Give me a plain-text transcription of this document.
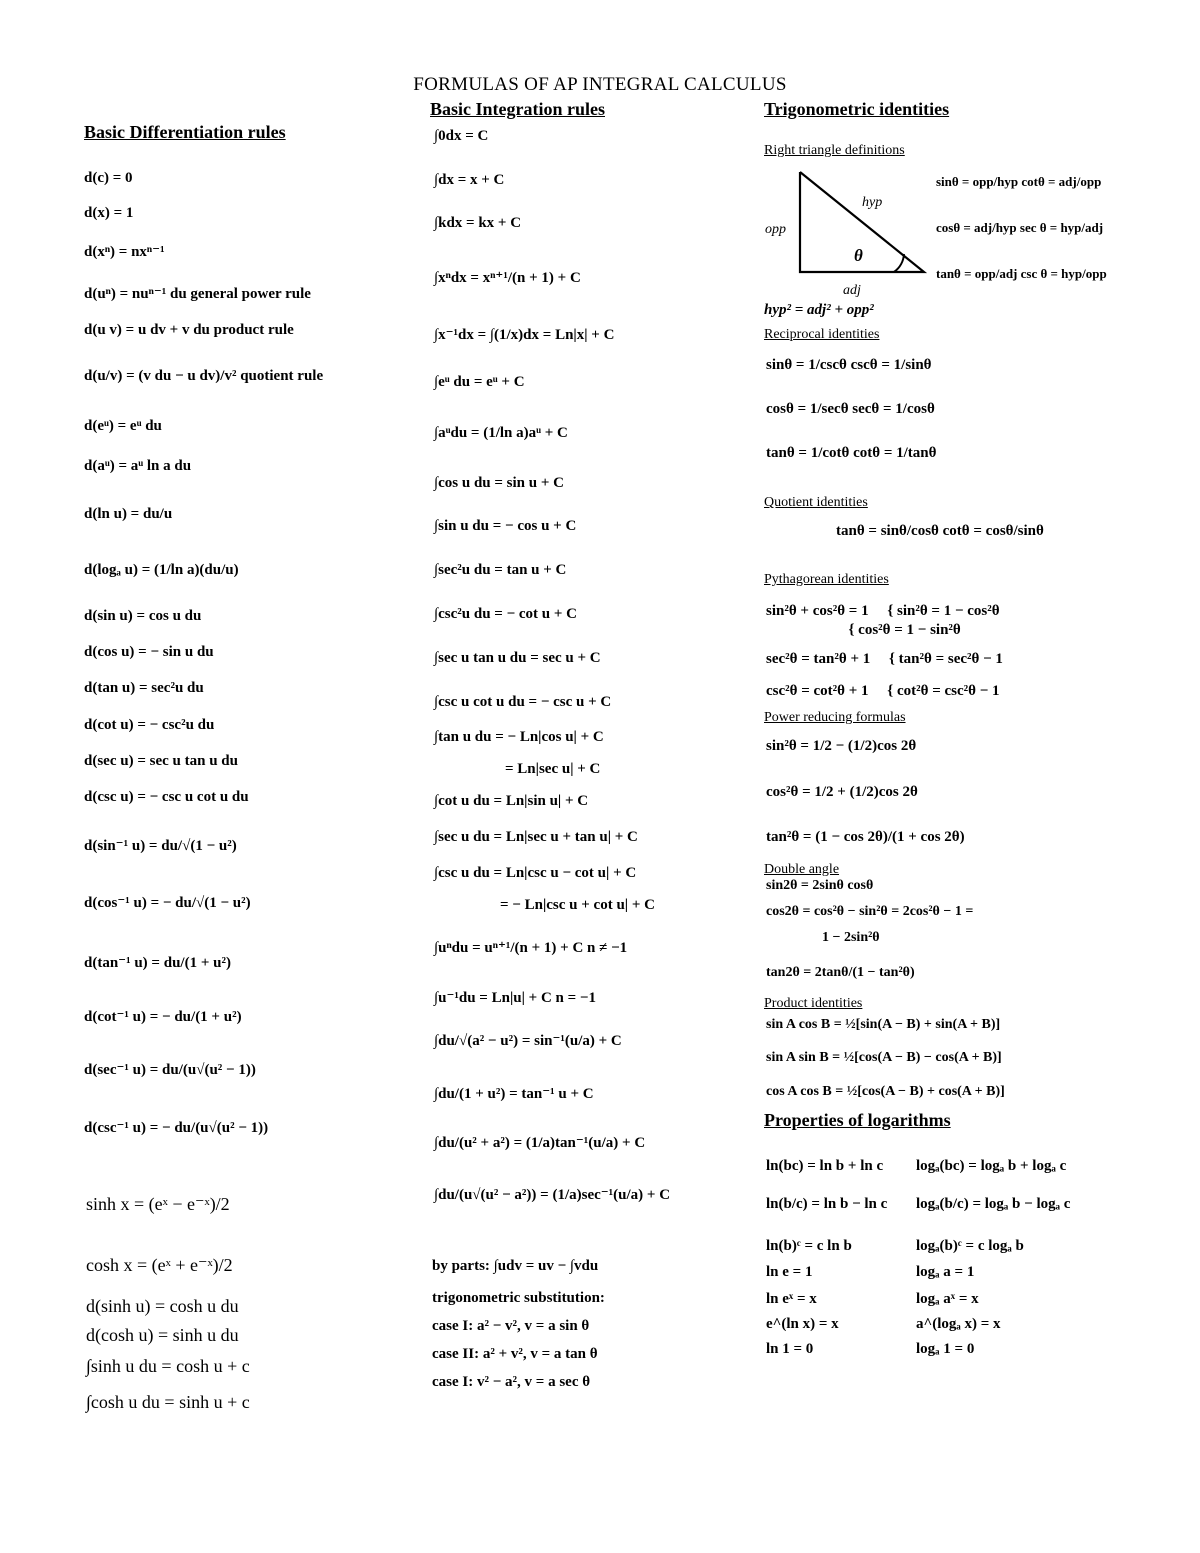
FORMULAS OF AP INTEGRAL CALCULUS
Basic Differentiation rules
d(c) = 0
d(x) = 1
d(xⁿ) = nxⁿ⁻¹
d(uⁿ) = nuⁿ⁻¹ du general power rule
d(u v) = u dv + v du product rule
d(u/v) = (v du − u dv)/v² quotient rule
d(eᵘ) = eᵘ du
d(aᵘ) = aᵘ ln a du
d(ln u) = du/u
d(logₐ u) = (1/ln a)(du/u)
d(sin u) = cos u du
d(cos u) = − sin u du
d(tan u) = sec²u du
d(cot u) = − csc²u du
d(sec u) = sec u tan u du
d(csc u) = − csc u cot u du
d(sin⁻¹ u) = du/√(1 − u²)
d(cos⁻¹ u) = − du/√(1 − u²)
d(tan⁻¹ u) = du/(1 + u²)
d(cot⁻¹ u) = − du/(1 + u²)
d(sec⁻¹ u) = du/(u√(u² − 1))
d(csc⁻¹ u) = − du/(u√(u² − 1))
sinh x = (eˣ − e⁻ˣ)/2
cosh x = (eˣ + e⁻ˣ)/2
d(sinh u) = cosh u du
d(cosh u) = sinh u du
∫sinh u du = cosh u + c
∫cosh u du = sinh u + c
Basic Integration rules
∫0dx = C
∫dx = x + C
∫kdx = kx + C
∫xⁿdx = xⁿ⁺¹/(n + 1) + C
∫x⁻¹dx = ∫(1/x)dx = Ln|x| + C
∫eᵘ du = eᵘ + C
∫aᵘdu = (1/ln a)aᵘ + C
∫cos u du = sin u + C
∫sin u du = − cos u + C
∫sec²u du = tan u + C
∫csc²u du = − cot u + C
∫sec u tan u du = sec u + C
∫csc u cot u du = − csc u + C
∫tan u du = − Ln|cos u| + C
= Ln|sec u| + C
∫cot u du = Ln|sin u| + C
∫sec u du = Ln|sec u + tan u| + C
∫csc u du = Ln|csc u − cot u| + C
= − Ln|csc u + cot u| + C
∫uⁿdu = uⁿ⁺¹/(n + 1) + C n ≠ −1
∫u⁻¹du = Ln|u| + C n = −1
∫du/√(a² − u²) = sin⁻¹(u/a) + C
∫du/(1 + u²) = tan⁻¹ u + C
∫du/(u² + a²) = (1/a)tan⁻¹(u/a) + C
∫du/(u√(u² − a²)) = (1/a)sec⁻¹(u/a) + C
by parts: ∫udv = uv − ∫vdu
trigonometric substitution:
case I: a² − v², v = a sin θ
case II: a² + v², v = a tan θ
case I: v² − a², v = a sec θ
Trigonometric identities
Right triangle definitions
opp
hyp
adj
θ
sinθ = opp/hyp cotθ = adj/opp
cosθ = adj/hyp sec θ = hyp/adj
tanθ = opp/adj csc θ = hyp/opp
hyp² = adj² + opp²
Reciprocal identities
sinθ = 1/cscθ cscθ = 1/sinθ
cosθ = 1/secθ secθ = 1/cosθ
tanθ = 1/cotθ cotθ = 1/tanθ
Quotient identities
tanθ = sinθ/cosθ cotθ = cosθ/sinθ
Pythagorean identities
sin²θ + cos²θ = 1     { sin²θ = 1 − cos²θ
{ cos²θ = 1 − sin²θ
sec²θ = tan²θ + 1     { tan²θ = sec²θ − 1
csc²θ = cot²θ + 1     { cot²θ = csc²θ − 1
Power reducing formulas
sin²θ = 1/2 − (1/2)cos 2θ
cos²θ = 1/2 + (1/2)cos 2θ
tan²θ = (1 − cos 2θ)/(1 + cos 2θ)
Double angle
sin2θ = 2sinθ cosθ
cos2θ = cos²θ − sin²θ = 2cos²θ − 1 =
1 − 2sin²θ
tan2θ = 2tanθ/(1 − tan²θ)
Product identities
sin A cos B = ½[sin(A − B) + sin(A + B)]
sin A sin B = ½[cos(A − B) − cos(A + B)]
cos A cos B = ½[cos(A − B) + cos(A + B)]
Properties of logarithms
ln(bc) = ln b + ln c logₐ(bc) = logₐ b + logₐ c
ln(b/c) = ln b − ln c logₐ(b/c) = logₐ b − logₐ c
ln(b)ᶜ = c ln b	logₐ(b)ᶜ = c logₐ b
ln e = 1	logₐ a = 1
ln eˣ = x	logₐ aˣ = x
e^(ln x) = x	a^(logₐ x) = x
ln 1 = 0	logₐ 1 = 0
